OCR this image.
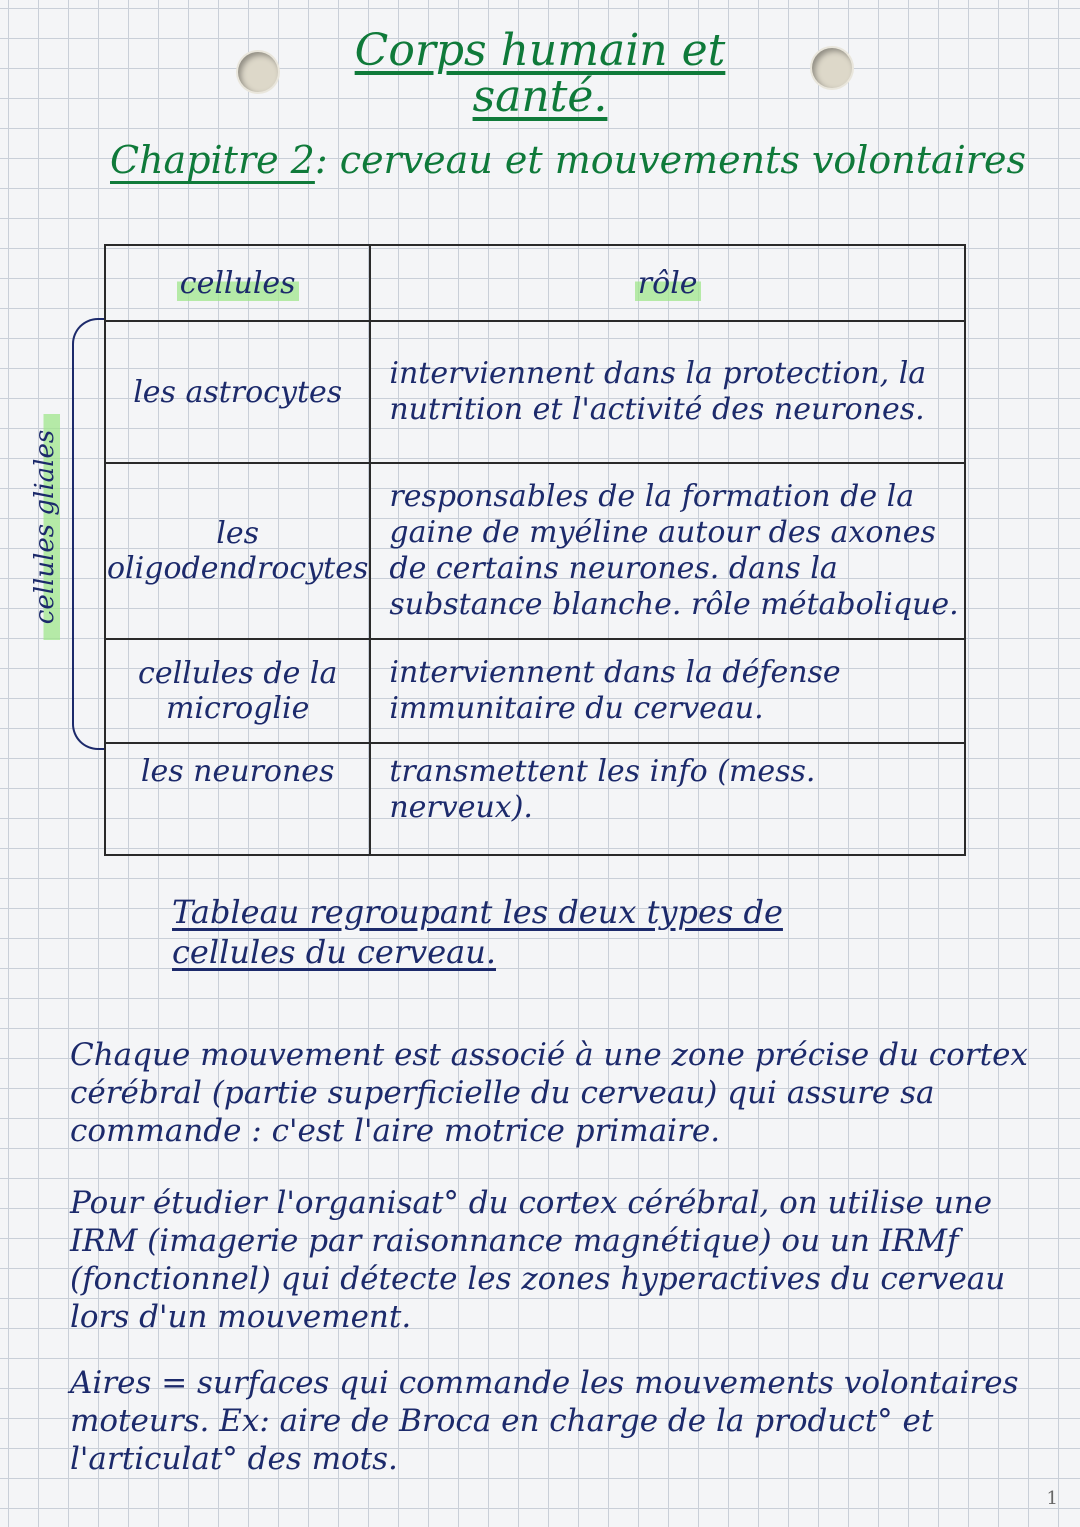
Corps humain et
santé.
Chapitre 2: cerveau et mouvements volontaires
cellules gliales
cellules	rôle
les astrocytes	interviennent dans la protection, la nutrition et l'activité des neurones.
les oligodendrocytes	responsables de la formation de la gaine de myéline autour des axones de certains neurones. dans la substance blanche. rôle métabolique.
cellules de la microglie	interviennent dans la défense immunitaire du cerveau.
les neurones	transmettent les info (mess. nerveux).
Tableau regroupant les deux types de cellules du cerveau.
Chaque mouvement est associé à une zone précise du cortex cérébral (partie superficielle du cerveau) qui assure sa commande : c'est l'aire motrice primaire.
Pour étudier l'organisat° du cortex cérébral, on utilise une IRM (imagerie par raisonnance magnétique) ou un IRMf (fonctionnel) qui détecte les zones hyperactives du cerveau lors d'un mouvement.
Aires = surfaces qui commande les mouvements volontaires moteurs. Ex: aire de Broca en charge de la product° et l'articulat° des mots.
1
